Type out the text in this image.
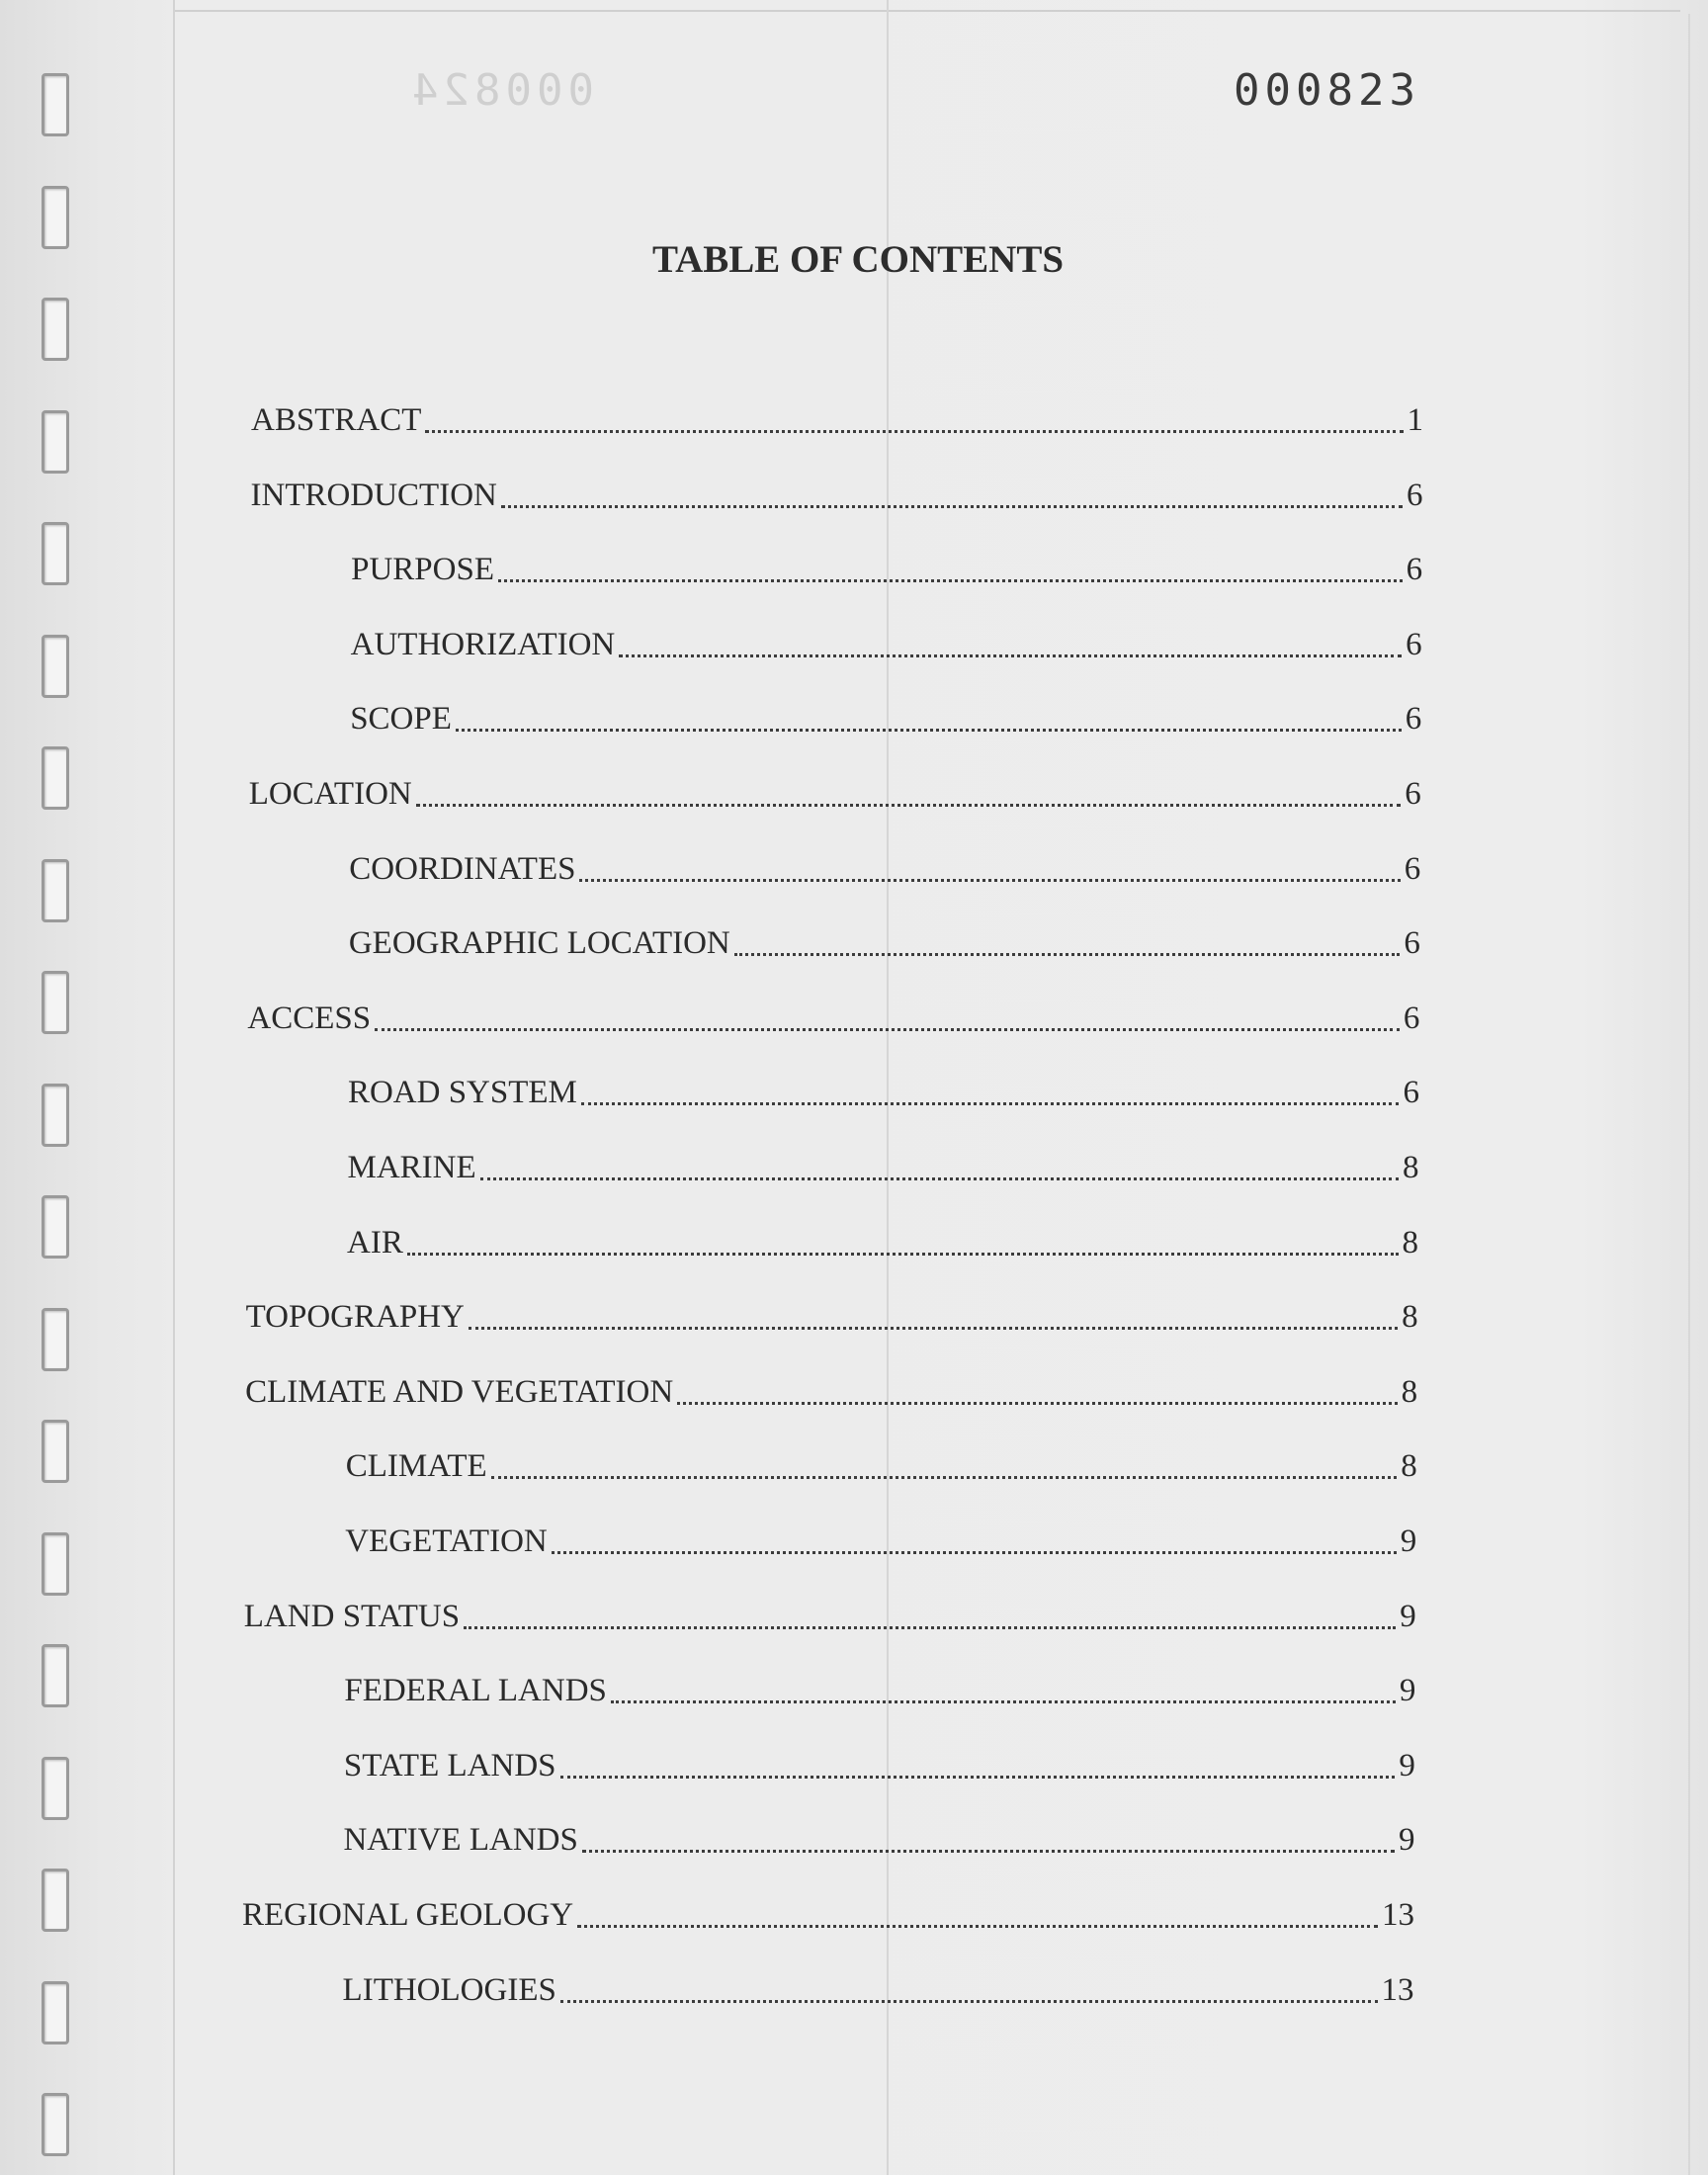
000824	000823
TABLE OF CONTENTS
ABSTRACT	1
INTRODUCTION	6
PURPOSE	6
AUTHORIZATION	6
SCOPE	6
LOCATION	6
COORDINATES	6
GEOGRAPHIC LOCATION	6
ACCESS	6
ROAD SYSTEM	6
MARINE	8
AIR	8
TOPOGRAPHY	8
CLIMATE AND VEGETATION	8
CLIMATE	8
VEGETATION	9
LAND STATUS	9
FEDERAL LANDS	9
STATE LANDS	9
NATIVE LANDS	9
REGIONAL GEOLOGY	13
LITHOLOGIES	13
